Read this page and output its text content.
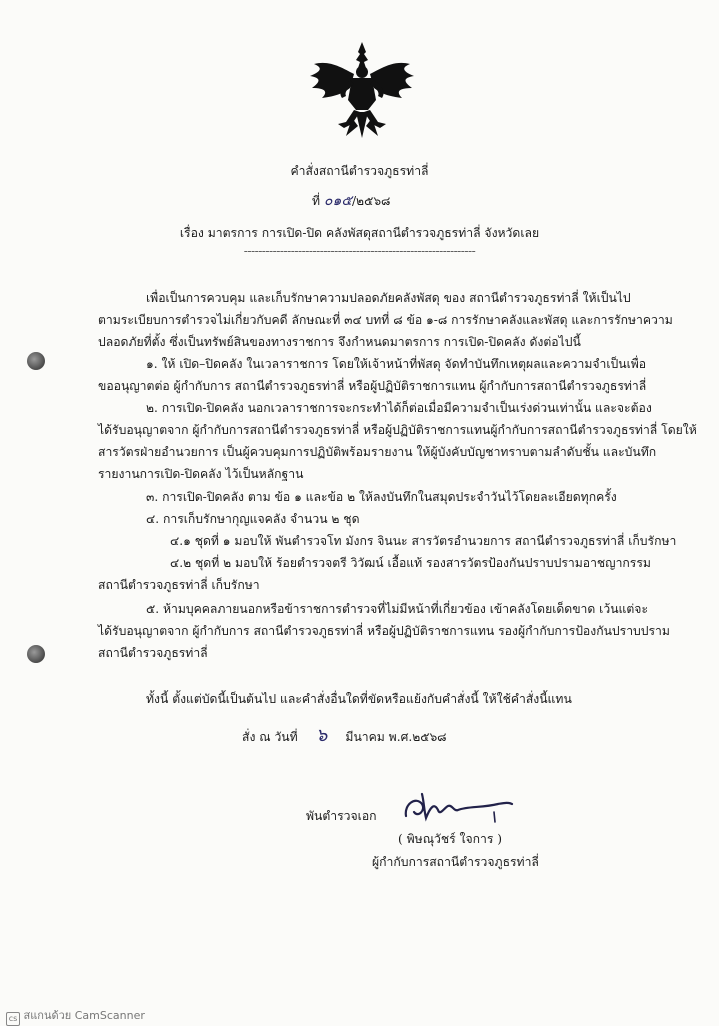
คำสั่งสถานีตำรวจภูธรท่าลี่
ที่ ๐๑๕/๒๕๖๘
เรื่อง มาตรการ การเปิด-ปิด คลังพัสดุสถานีตำรวจภูธรท่าลี่ จังหวัดเลย
----------------------------------------------------------------
เพื่อเป็นการควบคุม และเก็บรักษาความปลอดภัยคลังพัสดุ ของ สถานีตำรวจภูธรท่าลี่ ให้เป็นไป
ตามระเบียบการตำรวจไม่เกี่ยวกับคดี ลักษณะที่ ๓๔ บทที่ ๘ ข้อ ๑-๘ การรักษาคลังและพัสดุ และการรักษาความ
ปลอดภัยที่ตั้ง ซึ่งเป็นทรัพย์สินของทางราชการ จึงกำหนดมาตรการ การเปิด-ปิดคลัง ดังต่อไปนี้
๑. ให้ เปิด–ปิดคลัง ในเวลาราชการ โดยให้เจ้าหน้าที่พัสดุ จัดทำบันทึกเหตุผลและความจำเป็นเพื่อ
ขออนุญาตต่อ ผู้กำกับการ สถานีตำรวจภูธรท่าลี่ หรือผู้ปฏิบัติราชการแทน ผู้กำกับการสถานีตำรวจภูธรท่าลี่
๒. การเปิด-ปิดคลัง นอกเวลาราชการจะกระทำได้ก็ต่อเมื่อมีความจำเป็นเร่งด่วนเท่านั้น และจะต้อง
ได้รับอนุญาตจาก ผู้กำกับการสถานีตำรวจภูธรท่าลี่ หรือผู้ปฏิบัติราชการแทนผู้กำกับการสถานีตำรวจภูธรท่าลี่ โดยให้
สารวัตรฝ่ายอำนวยการ เป็นผู้ควบคุมการปฏิบัติพร้อมรายงาน ให้ผู้บังคับบัญชาทราบตามลำดับชั้น และบันทึก
รายงานการเปิด-ปิดคลัง ไว้เป็นหลักฐาน
๓. การเปิด-ปิดคลัง ตาม ข้อ ๑ และข้อ ๒ ให้ลงบันทึกในสมุดประจำวันไว้โดยละเอียดทุกครั้ง
๔. การเก็บรักษากุญแจคลัง จำนวน ๒ ชุด
๔.๑ ชุดที่ ๑ มอบให้ พันตำรวจโท มังกร จินนะ สารวัตรอำนวยการ สถานีตำรวจภูธรท่าลี่ เก็บรักษา
๔.๒ ชุดที่ ๒ มอบให้ ร้อยตำรวจตรี วิวัฒน์ เอื้อแท้ รองสารวัตรป้องกันปราบปรามอาชญากรรม
สถานีตำรวจภูธรท่าลี่ เก็บรักษา
๕. ห้ามบุคคลภายนอกหรือข้าราชการตำรวจที่ไม่มีหน้าที่เกี่ยวข้อง เข้าคลังโดยเด็ดขาด เว้นแต่จะ
ได้รับอนุญาตจาก ผู้กำกับการ สถานีตำรวจภูธรท่าลี่ หรือผู้ปฏิบัติราชการแทน รองผู้กำกับการป้องกันปราบปราม
สถานีตำรวจภูธรท่าลี่
ทั้งนี้ ตั้งแต่บัดนี้เป็นต้นไป และคำสั่งอื่นใดที่ขัดหรือแย้งกับคำสั่งนี้ ให้ใช้คำสั่งนี้แทน
สั่ง ณ วันที่ ๖ มีนาคม พ.ศ.๒๕๖๘
พันตำรวจเอก
( พิษณุวัชร์ ใจการ )
ผู้กำกับการสถานีตำรวจภูธรท่าลี่
cs สแกนด้วย CamScanner
